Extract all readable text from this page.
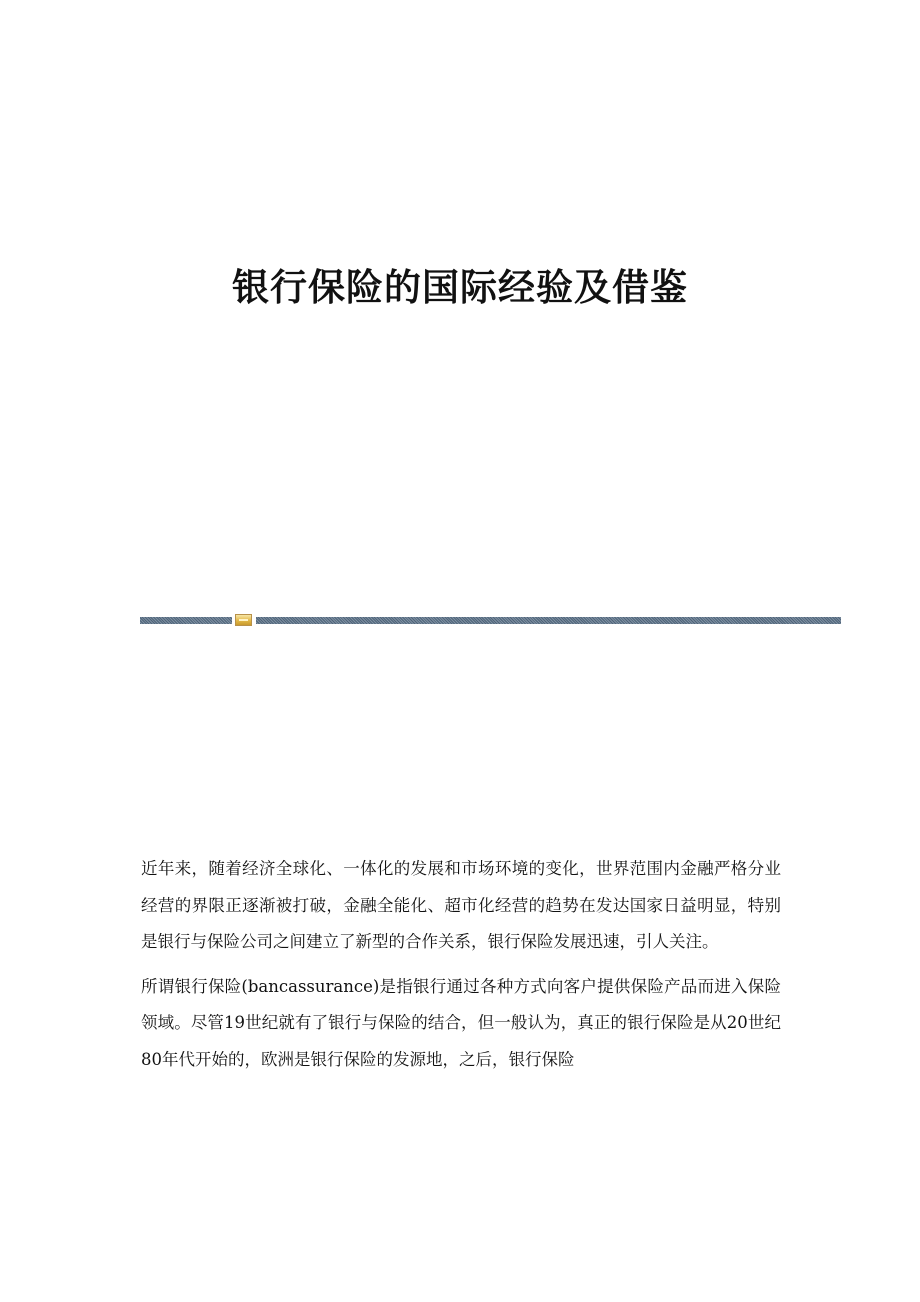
银行保险的国际经验及借鉴

近年来，随着经济全球化、一体化的发展和市场环境的变化，世界范围内金融严格分业经营的界限正逐渐被打破，金融全能化、超市化经营的趋势在发达国家日益明显，特别是银行与保险公司之间建立了新型的合作关系，银行保险发展迅速，引人关注。

所谓银行保险(bancassurance)是指银行通过各种方式向客户提供保险产品而进入保险领域。尽管19世纪就有了银行与保险的结合，但一般认为，真正的银行保险是从20世纪80年代开始的，欧洲是银行保险的发源地，之后，银行保险
